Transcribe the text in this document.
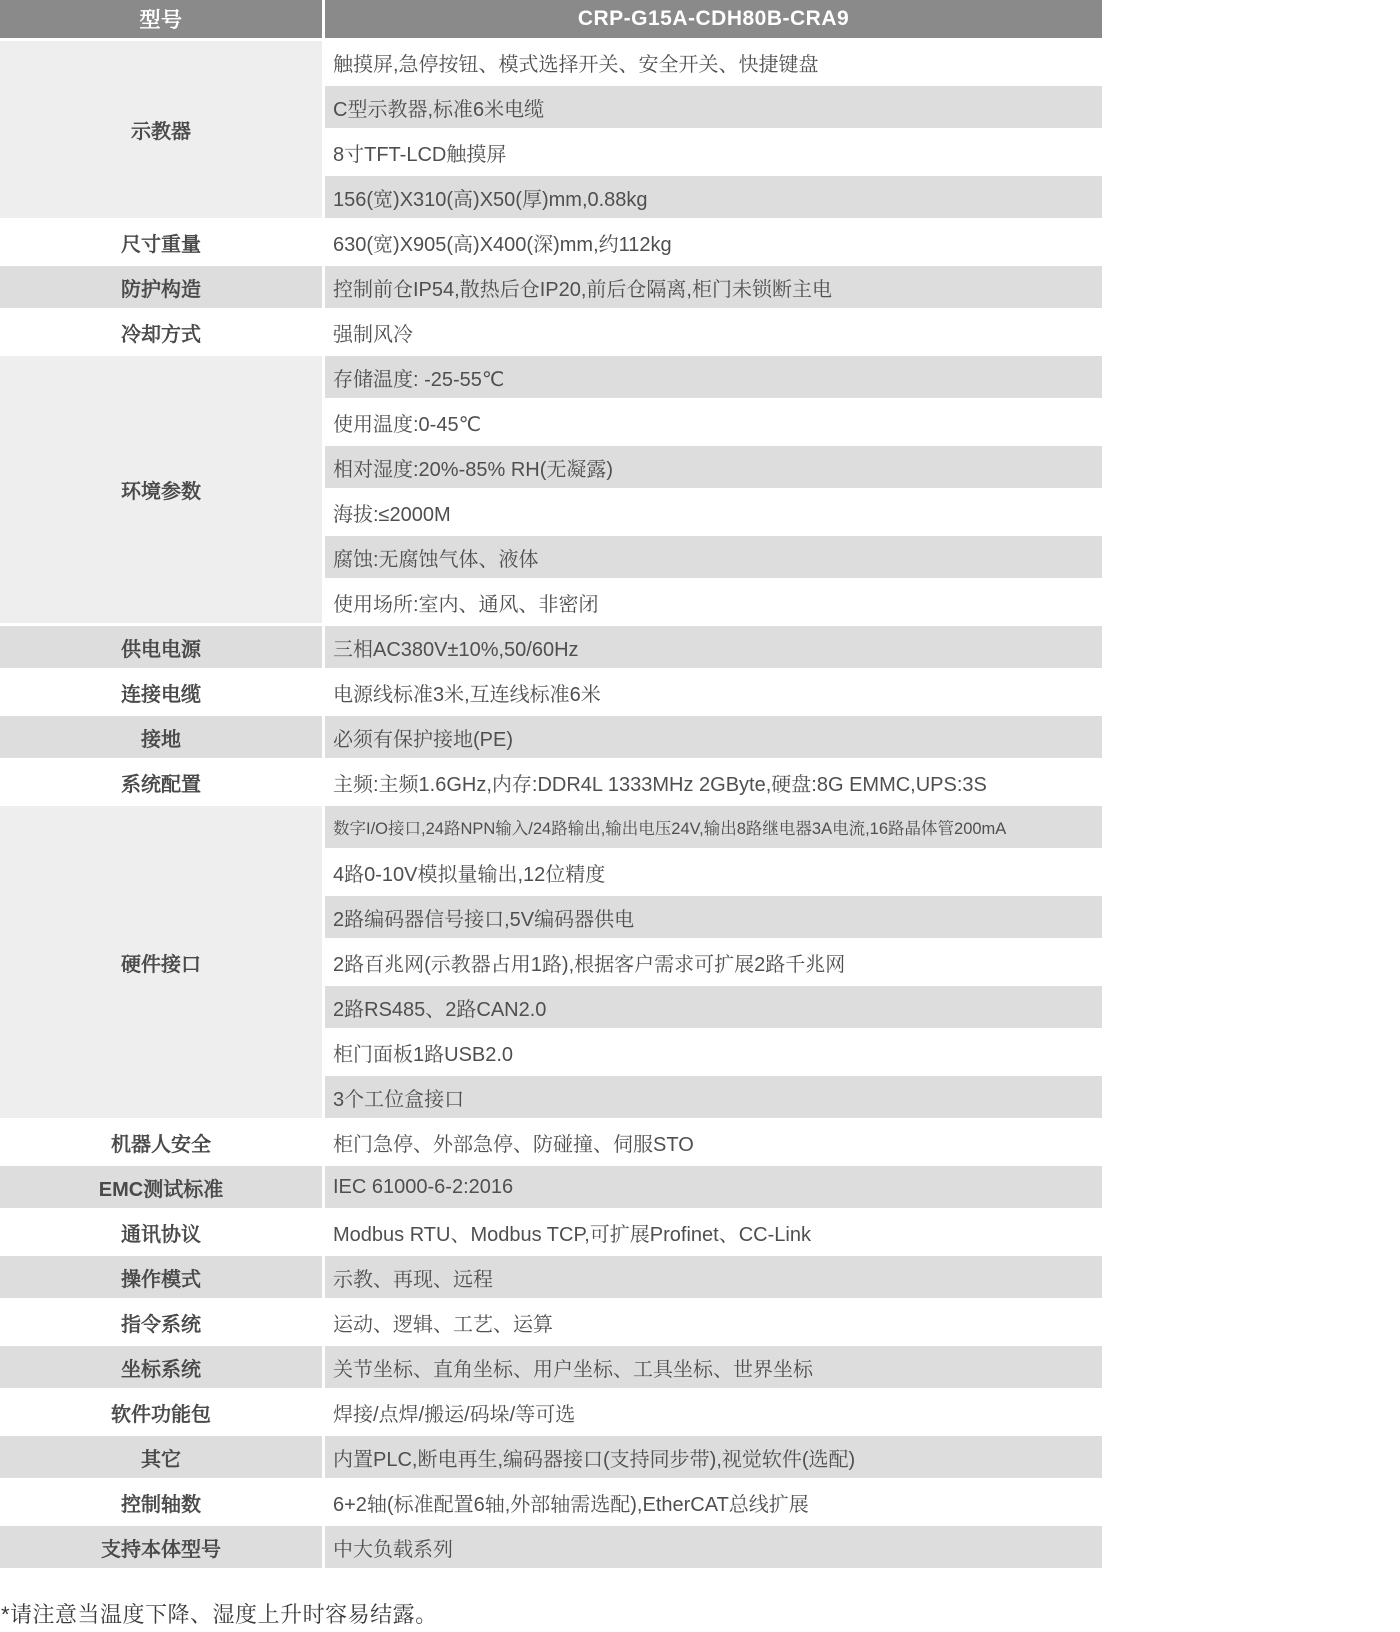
型号	CRP-G15A-CDH80B-CRA9
示教器	触摸屏,急停按钮、模式选择开关、安全开关、快捷键盘
	C型示教器,标准6米电缆
	8寸TFT-LCD触摸屏
	156(宽)X310(高)X50(厚)mm,0.88kg
尺寸重量	630(宽)X905(高)X400(深)mm,约112kg
防护构造	控制前仓IP54,散热后仓IP20,前后仓隔离,柜门未锁断主电
冷却方式	强制风冷
环境参数	存储温度: -25-55℃
	使用温度:0-45℃
	相对湿度:20%-85% RH(无凝露)
	海拔:≤2000M
	腐蚀:无腐蚀气体、液体
	使用场所:室内、通风、非密闭
供电电源	三相AC380V±10%,50/60Hz
连接电缆	电源线标准3米,互连线标准6米
接地	必须有保护接地(PE)
系统配置	主频:主频1.6GHz,内存:DDR4L 1333MHz 2GByte,硬盘:8G EMMC,UPS:3S
硬件接口	数字I/O接口,24路NPN输入/24路输出,输出电压24V,输出8路继电器3A电流,16路晶体管200mA
	4路0-10V模拟量输出,12位精度
	2路编码器信号接口,5V编码器供电
	2路百兆网(示教器占用1路),根据客户需求可扩展2路千兆网
	2路RS485、2路CAN2.0
	柜门面板1路USB2.0
	3个工位盒接口
机器人安全	柜门急停、外部急停、防碰撞、伺服STO
EMC测试标准	IEC 61000-6-2:2016
通讯协议	Modbus RTU、Modbus TCP,可扩展Profinet、CC-Link
操作模式	示教、再现、远程
指令系统	运动、逻辑、工艺、运算
坐标系统	关节坐标、直角坐标、用户坐标、工具坐标、世界坐标
软件功能包	焊接/点焊/搬运/码垛/等可选
其它	内置PLC,断电再生,编码器接口(支持同步带),视觉软件(选配)
控制轴数	6+2轴(标准配置6轴,外部轴需选配),EtherCAT总线扩展
支持本体型号	中大负载系列
*请注意当温度下降、湿度上升时容易结露。
